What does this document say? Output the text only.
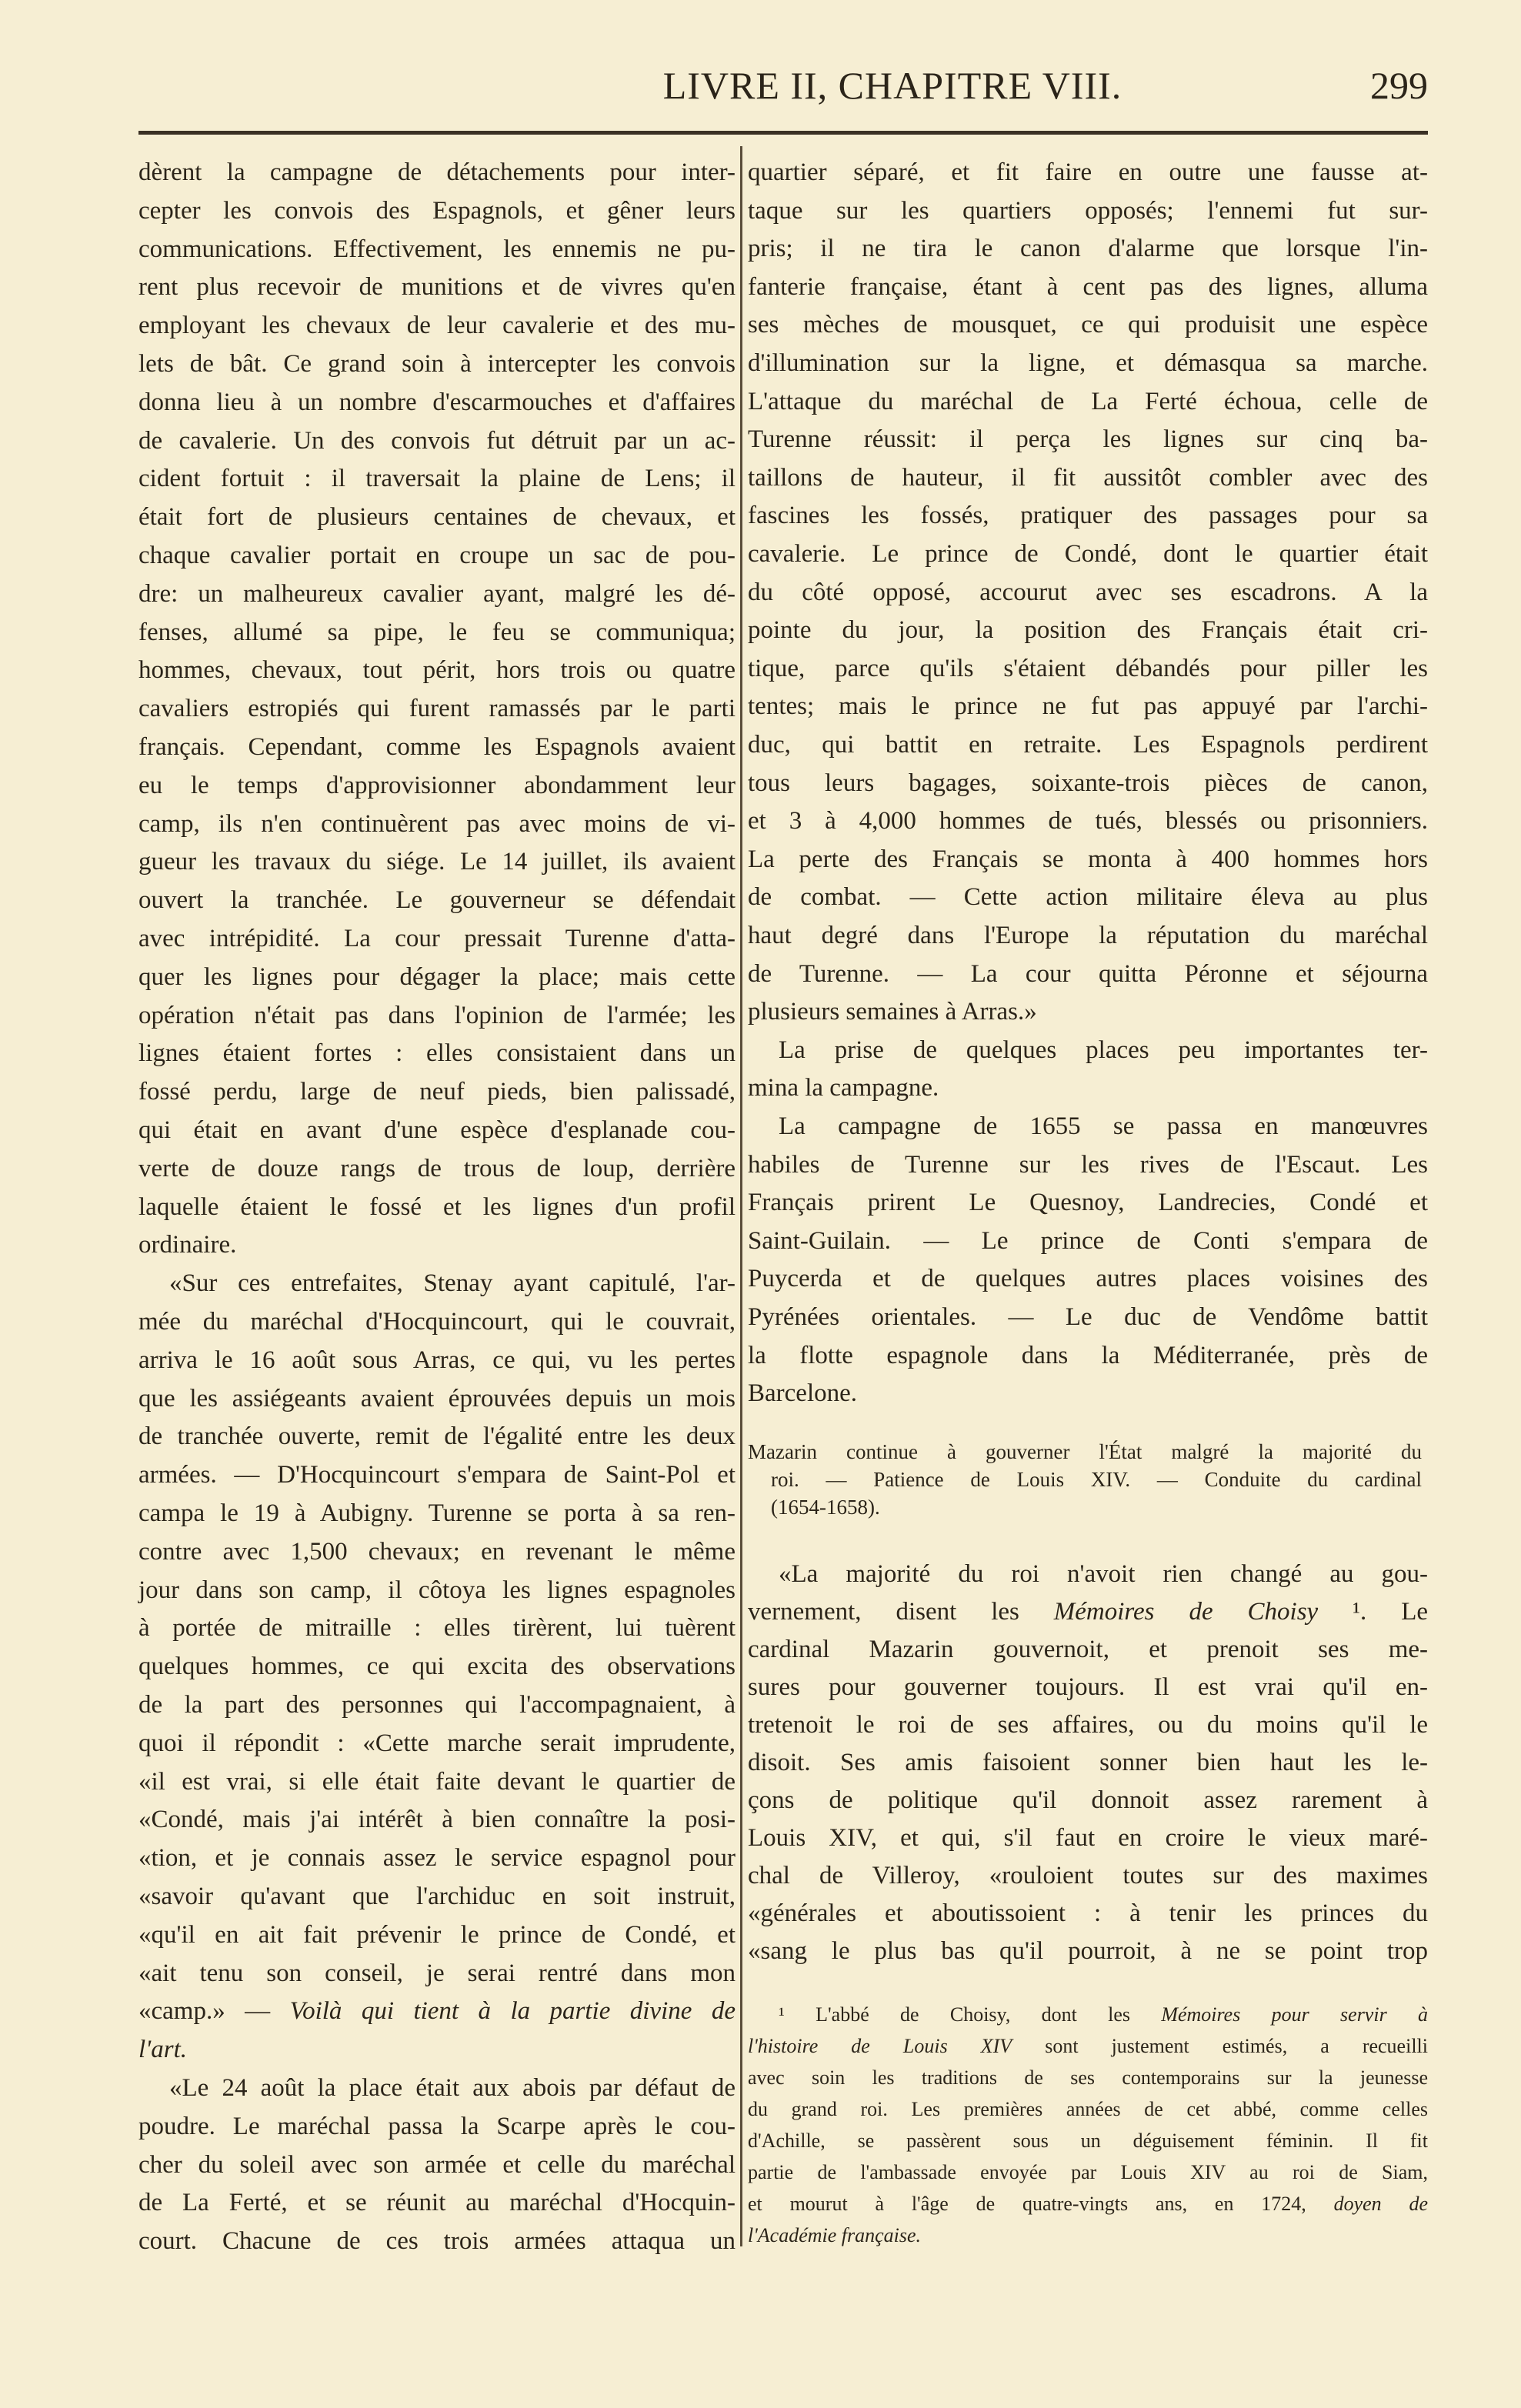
LIVRE II, CHAPITRE VIII.	299
dèrent la campagne de détachements pour inter-
cepter les convois des Espagnols, et gêner leurs
communications. Effectivement, les ennemis ne pu-
rent plus recevoir de munitions et de vivres qu'en
employant les chevaux de leur cavalerie et des mu-
lets de bât. Ce grand soin à intercepter les convois
donna lieu à un nombre d'escarmouches et d'affaires
de cavalerie. Un des convois fut détruit par un ac-
cident fortuit : il traversait la plaine de Lens; il
était fort de plusieurs centaines de chevaux, et
chaque cavalier portait en croupe un sac de pou-
dre: un malheureux cavalier ayant, malgré les dé-
fenses, allumé sa pipe, le feu se communiqua;
hommes, chevaux, tout périt, hors trois ou quatre
cavaliers estropiés qui furent ramassés par le parti
français. Cependant, comme les Espagnols avaient
eu le temps d'approvisionner abondamment leur
camp, ils n'en continuèrent pas avec moins de vi-
gueur les travaux du siége. Le 14 juillet, ils avaient
ouvert la tranchée. Le gouverneur se défendait
avec intrépidité. La cour pressait Turenne d'atta-
quer les lignes pour dégager la place; mais cette
opération n'était pas dans l'opinion de l'armée; les
lignes étaient fortes : elles consistaient dans un
fossé perdu, large de neuf pieds, bien palissadé,
qui était en avant d'une espèce d'esplanade cou-
verte de douze rangs de trous de loup, derrière
laquelle étaient le fossé et les lignes d'un profil
ordinaire.
«Sur ces entrefaites, Stenay ayant capitulé, l'ar-
mée du maréchal d'Hocquincourt, qui le couvrait,
arriva le 16 août sous Arras, ce qui, vu les pertes
que les assiégeants avaient éprouvées depuis un mois
de tranchée ouverte, remit de l'égalité entre les deux
armées. — D'Hocquincourt s'empara de Saint-Pol et
campa le 19 à Aubigny. Turenne se porta à sa ren-
contre avec 1,500 chevaux; en revenant le même
jour dans son camp, il côtoya les lignes espagnoles
à portée de mitraille : elles tirèrent, lui tuèrent
quelques hommes, ce qui excita des observations
de la part des personnes qui l'accompagnaient, à
quoi il répondit : «Cette marche serait imprudente,
«il est vrai, si elle était faite devant le quartier de
«Condé, mais j'ai intérêt à bien connaître la posi-
«tion, et je connais assez le service espagnol pour
«savoir qu'avant que l'archiduc en soit instruit,
«qu'il en ait fait prévenir le prince de Condé, et
«ait tenu son conseil, je serai rentré dans mon
«camp.» — Voilà qui tient à la partie divine de
l'art.
«Le 24 août la place était aux abois par défaut de
poudre. Le maréchal passa la Scarpe après le cou-
cher du soleil avec son armée et celle du maréchal
de La Ferté, et se réunit au maréchal d'Hocquin-
court. Chacune de ces trois armées attaqua un
quartier séparé, et fit faire en outre une fausse at-
taque sur les quartiers opposés; l'ennemi fut sur-
pris; il ne tira le canon d'alarme que lorsque l'in-
fanterie française, étant à cent pas des lignes, alluma
ses mèches de mousquet, ce qui produisit une espèce
d'illumination sur la ligne, et démasqua sa marche.
L'attaque du maréchal de La Ferté échoua, celle de
Turenne réussit: il perça les lignes sur cinq ba-
taillons de hauteur, il fit aussitôt combler avec des
fascines les fossés, pratiquer des passages pour sa
cavalerie. Le prince de Condé, dont le quartier était
du côté opposé, accourut avec ses escadrons. A la
pointe du jour, la position des Français était cri-
tique, parce qu'ils s'étaient débandés pour piller les
tentes; mais le prince ne fut pas appuyé par l'archi-
duc, qui battit en retraite. Les Espagnols perdirent
tous leurs bagages, soixante-trois pièces de canon,
et 3 à 4,000 hommes de tués, blessés ou prisonniers.
La perte des Français se monta à 400 hommes hors
de combat. — Cette action militaire éleva au plus
haut degré dans l'Europe la réputation du maréchal
de Turenne. — La cour quitta Péronne et séjourna
plusieurs semaines à Arras.»
La prise de quelques places peu importantes ter-
mina la campagne.
La campagne de 1655 se passa en manœuvres
habiles de Turenne sur les rives de l'Escaut. Les
Français prirent Le Quesnoy, Landrecies, Condé et
Saint-Guilain. — Le prince de Conti s'empara de
Puycerda et de quelques autres places voisines des
Pyrénées orientales. — Le duc de Vendôme battit
la flotte espagnole dans la Méditerranée, près de
Barcelone.
Mazarin continue à gouverner l'État malgré la majorité du
roi. — Patience de Louis XIV. — Conduite du cardinal
(1654-1658).
«La majorité du roi n'avoit rien changé au gou-
vernement, disent les Mémoires de Choisy ¹. Le
cardinal Mazarin gouvernoit, et prenoit ses me-
sures pour gouverner toujours. Il est vrai qu'il en-
tretenoit le roi de ses affaires, ou du moins qu'il le
disoit. Ses amis faisoient sonner bien haut les le-
çons de politique qu'il donnoit assez rarement à
Louis XIV, et qui, s'il faut en croire le vieux maré-
chal de Villeroy, «rouloient toutes sur des maximes
«générales et aboutissoient : à tenir les princes du
«sang le plus bas qu'il pourroit, à ne se point trop
¹ L'abbé de Choisy, dont les Mémoires pour servir à
l'histoire de Louis XIV sont justement estimés, a recueilli
avec soin les traditions de ses contemporains sur la jeunesse
du grand roi. Les premières années de cet abbé, comme celles
d'Achille, se passèrent sous un déguisement féminin. Il fit
partie de l'ambassade envoyée par Louis XIV au roi de Siam,
et mourut à l'âge de quatre-vingts ans, en 1724, doyen de
l'Académie française.
